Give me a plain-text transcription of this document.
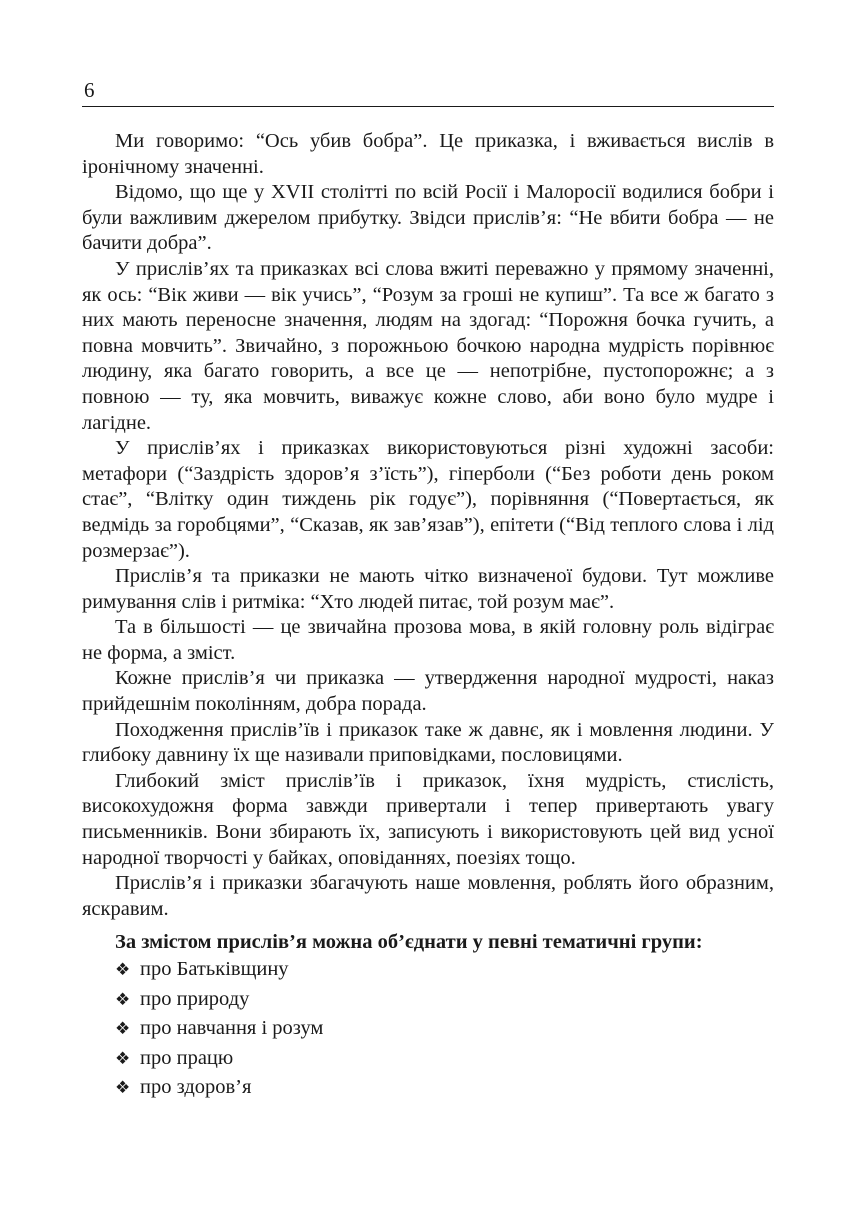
6

Ми говоримо: “Ось убив бобра”. Це приказка, і вживається вислів в іронічному значенні.

Відомо, що ще у XVII столітті по всій Росії і Малоросії водилися бобри і були важливим джерелом прибутку. Звідси прислів’я: “Не вбити бобра — не бачити добра”.

У прислів’ях та приказках всі слова вжиті переважно у прямому значенні, як ось: “Вік живи — вік учись”, “Розум за гроші не купиш”. Та все ж багато з них мають переносне значення, людям на здогад: “Порожня бочка гучить, а повна мовчить”. Звичайно, з порожньою бочкою народна мудрість порівнює людину, яка багато говорить, а все це — непотрібне, пустопорожнє; а з повною — ту, яка мовчить, виважує кожне слово, аби воно було мудре і лагідне.

У прислів’ях і приказках використовуються різні художні засоби: метафори (“Заздрість здоров’я з’їсть”), гіперболи (“Без роботи день роком стає”, “Влітку один тиждень рік годує”), порівняння (“Повертається, як ведмідь за горобцями”, “Сказав, як зав’язав”), епітети (“Від теплого слова і лід розмерзає”).

Прислів’я та приказки не мають чітко визначеної будови. Тут можливе римування слів і ритміка: “Хто людей питає, той розум має”.

Та в більшості — це звичайна прозова мова, в якій головну роль відіграє не форма, а зміст.

Кожне прислів’я чи приказка — утвердження народної мудрості, наказ прийдешнім поколінням, добра порада.

Походження прислів’їв і приказок таке ж давнє, як і мовлення людини. У глибоку давнину їх ще називали приповідками, пословицями.

Глибокий зміст прислів’їв і приказок, їхня мудрість, стислість, високохудожня форма завжди привертали і тепер привертають увагу письменників. Вони збирають їх, записують і використовують цей вид усної народної творчості у байках, оповіданнях, поезіях тощо.

Прислів’я і приказки збагачують наше мовлення, роблять його образним, яскравим.

За змістом прислів’я можна об’єднати у певні тематичні групи:

❖ про Батьківщину
❖ про природу
❖ про навчання і розум
❖ про працю
❖ про здоров’я
